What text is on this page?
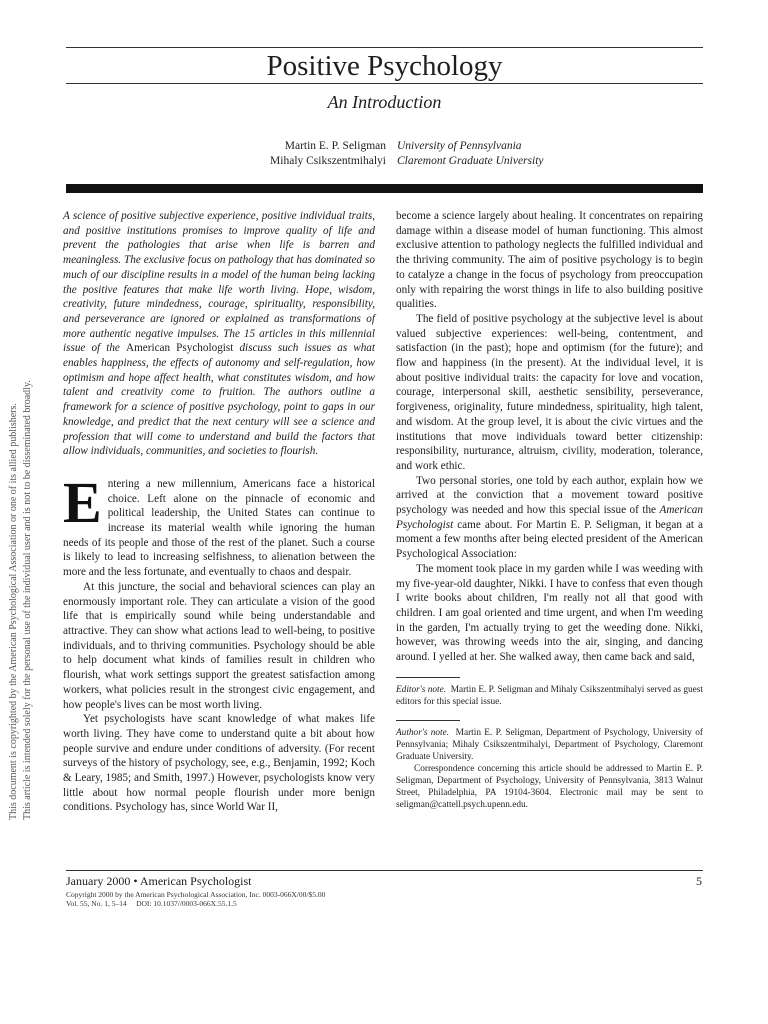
Positive Psychology
An Introduction
Martin E. P. Seligman
Mihaly Csikszentmihalyi
University of Pennsylvania
Claremont Graduate University
This document is copyrighted by the American Psychological Association or one of its allied publishers. This article is intended solely for the personal use of the individual user and is not to be disseminated broadly.

A science of positive subjective experience, positive individual traits, and positive institutions promises to improve quality of life and prevent the pathologies that arise when life is barren and meaningless. The exclusive focus on pathology that has dominated so much of our discipline results in a model of the human being lacking the positive features that make life worth living. Hope, wisdom, creativity, future mindedness, courage, spirituality, responsibility, and perseverance are ignored or explained as transformations of more authentic negative impulses. The 15 articles in this millennial issue of the American Psychologist discuss such issues as what enables happiness, the effects of autonomy and self-regulation, how optimism and hope affect health, what constitutes wisdom, and how talent and creativity come to fruition. The authors outline a framework for a science of positive psychology, point to gaps in our knowledge, and predict that the next century will see a science and profession that will come to understand and build the factors that allow individuals, communities, and societies to flourish.

Entering a new millennium, Americans face a historical choice. Left alone on the pinnacle of economic and political leadership, the United States can continue to increase its material wealth while ignoring the human needs of its people and those of the rest of the planet. Such a course is likely to lead to increasing selfishness, to alienation between the more and the less fortunate, and eventually to chaos and despair.

At this juncture, the social and behavioral sciences can play an enormously important role. They can articulate a vision of the good life that is empirically sound while being understandable and attractive. They can show what actions lead to well-being, to positive individuals, and to thriving communities. Psychology should be able to help document what kinds of families result in children who flourish, what work settings support the greatest satisfaction among workers, what policies result in the strongest civic engagement, and how people's lives can be most worth living.

Yet psychologists have scant knowledge of what makes life worth living. They have come to understand quite a bit about how people survive and endure under conditions of adversity. (For recent surveys of the history of psychology, see, e.g., Benjamin, 1992; Koch & Leary, 1985; and Smith, 1997.) However, psychologists know very little about how normal people flourish under more benign conditions. Psychology has, since World War II,

become a science largely about healing. It concentrates on repairing damage within a disease model of human functioning. This almost exclusive attention to pathology neglects the fulfilled individual and the thriving community. The aim of positive psychology is to begin to catalyze a change in the focus of psychology from preoccupation only with repairing the worst things in life to also building positive qualities.

The field of positive psychology at the subjective level is about valued subjective experiences: well-being, contentment, and satisfaction (in the past); hope and optimism (for the future); and flow and happiness (in the present). At the individual level, it is about positive individual traits: the capacity for love and vocation, courage, interpersonal skill, aesthetic sensibility, perseverance, forgiveness, originality, future mindedness, spirituality, high talent, and wisdom. At the group level, it is about the civic virtues and the institutions that move individuals toward better citizenship: responsibility, nurturance, altruism, civility, moderation, tolerance, and work ethic.

Two personal stories, one told by each author, explain how we arrived at the conviction that a movement toward positive psychology was needed and how this special issue of the American Psychologist came about. For Martin E. P. Seligman, it began at a moment a few months after being elected president of the American Psychological Association:

The moment took place in my garden while I was weeding with my five-year-old daughter, Nikki. I have to confess that even though I write books about children, I'm really not all that good with children. I am goal oriented and time urgent, and when I'm weeding in the garden, I'm actually trying to get the weeding done. Nikki, however, was throwing weeds into the air, singing, and dancing around. I yelled at her. She walked away, then came back and said,

Editor's note. Martin E. P. Seligman and Mihaly Csikszentmihalyi served as guest editors for this special issue.

Author's note. Martin E. P. Seligman, Department of Psychology, University of Pennsylvania; Mihaly Csikszentmihalyi, Department of Psychology, Claremont Graduate University.

Correspondence concerning this article should be addressed to Martin E. P. Seligman, Department of Psychology, University of Pennsylvania, 3813 Walnut Street, Philadelphia, PA 19104-3604. Electronic mail may be sent to seligman@cattell.psych.upenn.edu.

January 2000 • American Psychologist
Copyright 2000 by the American Psychological Association, Inc. 0003-066X/00/$5.00
Vol. 55, No. 1, 5–14     DOI: 10.1037//0003-066X.55.1.5
5
